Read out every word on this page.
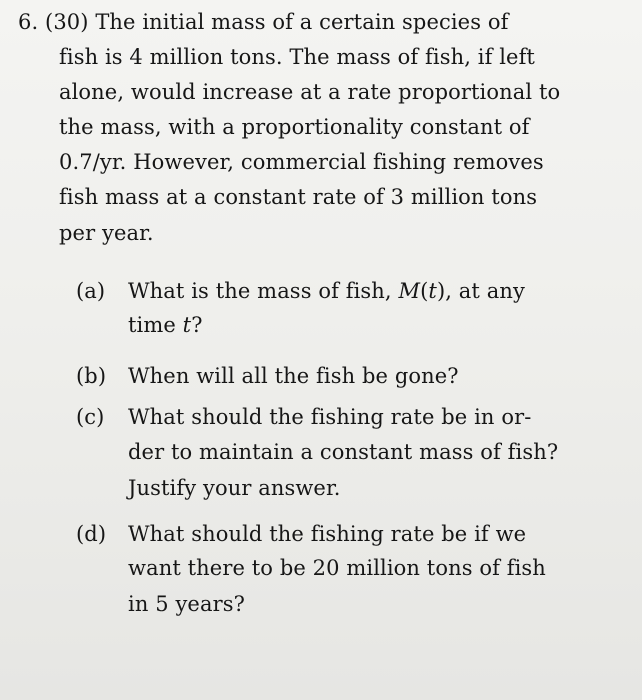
6. (30) The initial mass of a certain species of
fish is 4 million tons. The mass of fish, if left
alone, would increase at a rate proportional to
the mass, with a proportionality constant of
0.7/yr. However, commercial fishing removes
fish mass at a constant rate of 3 million tons
per year.
(a) What is the mass of fish, M(t), at any
time t?
(b) When will all the fish be gone?
(c) What should the fishing rate be in or-
der to maintain a constant mass of fish?
Justify your answer.
(d) What should the fishing rate be if we
want there to be 20 million tons of fish
in 5 years?
